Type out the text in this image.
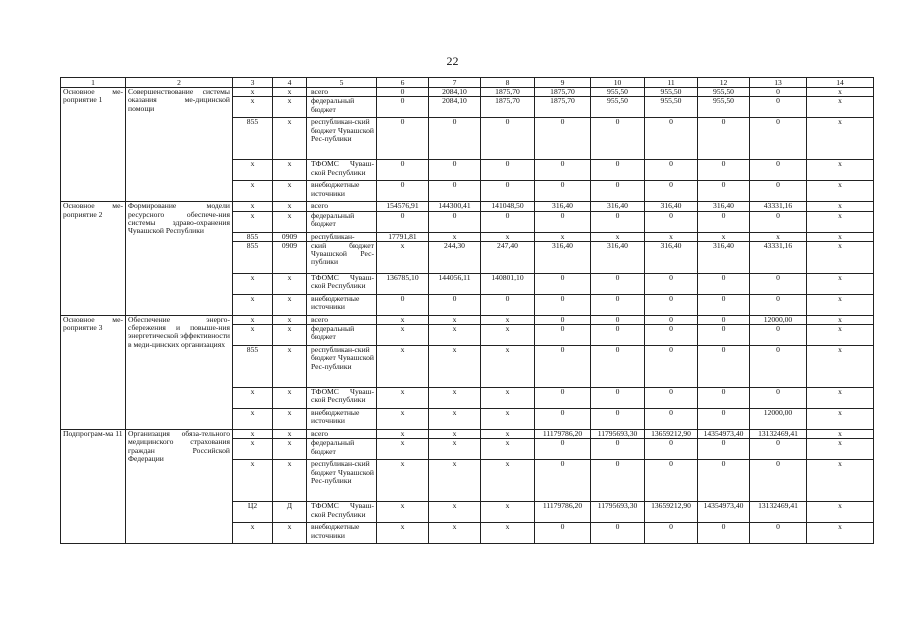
22
1	2	3	4	5	6	7	8	9	10	11	12	13	14
Основное ме-роприятие 1	Совершенствование системы оказания ме-дицинской помощи	х	х	всего	0	2084,10	1875,70	1875,70	955,50	955,50	955,50	0	х
		х	х	федеральный бюджет	0	2084,10	1875,70	1875,70	955,50	955,50	955,50	0	х
		855	х	республикан-ский бюджет Чувашской Рес-публики	0	0	0	0	0	0	0	0	х
		х	х	ТФОМС Чуваш-ской Республики	0	0	0	0	0	0	0	0	х
		х	х	внебюджетные источники	0	0	0	0	0	0	0	0	х
Основное ме-роприятие 2	Формирование модели ресурсного обеспече-ния системы здраво-охранения Чувашской Республики	х	х	всего	154576,91	144300,41	141048,50	316,40	316,40	316,40	316,40	43331,16	х
		х	х	федеральный бюджет	0	0	0	0	0	0	0	0	х
		855	0909	республикан-	17791,81	х	х	х	х	х	х	х	х
		855	0909	ский бюджет Чувашской Рес-публики	х	244,30	247,40	316,40	316,40	316,40	316,40	43331,16	х
		х	х	ТФОМС Чуваш-ской Республики	136785,10	144056,11	140801,10	0	0	0	0	0	х
		х	х	внебюджетные источники	0	0	0	0	0	0	0	0	х
Основное ме-роприятие 3	Обеспечение энерго-сбережения и повыше-ния энергетической эффективности в меди-цинских организациях	х	х	всего	х	х	х	0	0	0	0	12000,00	х
		х	х	федеральный бюджет	х	х	х	0	0	0	0	0	х
		855	х	республикан-ский бюджет Чувашской Рес-публики	х	х	х	0	0	0	0	0	х
		х	х	ТФОМС Чуваш-ской Республики	х	х	х	0	0	0	0	0	х
		х	х	внебюджетные источники	х	х	х	0	0	0	0	12000,00	х
Подпрограм-ма 11	Организация обяза-тельного медицинского страхования граждан Российской Федерации	х	х	всего	х	х	х	11179786,20	11795693,30	13659212,90	14354973,40	13132469,41	х
		х	х	федеральный бюджет	х	х	х	0	0	0	0	0	х
		х	х	республикан-ский бюджет Чувашской Рес-публики	х	х	х	0	0	0	0	0	х
		Ц2	Д	ТФОМС Чуваш-ской Республики	х	х	х	11179786,20	11795693,30	13659212,90	14354973,40	13132469,41	х
		х	х	внебюджетные источники	х	х	х	0	0	0	0	0	х
